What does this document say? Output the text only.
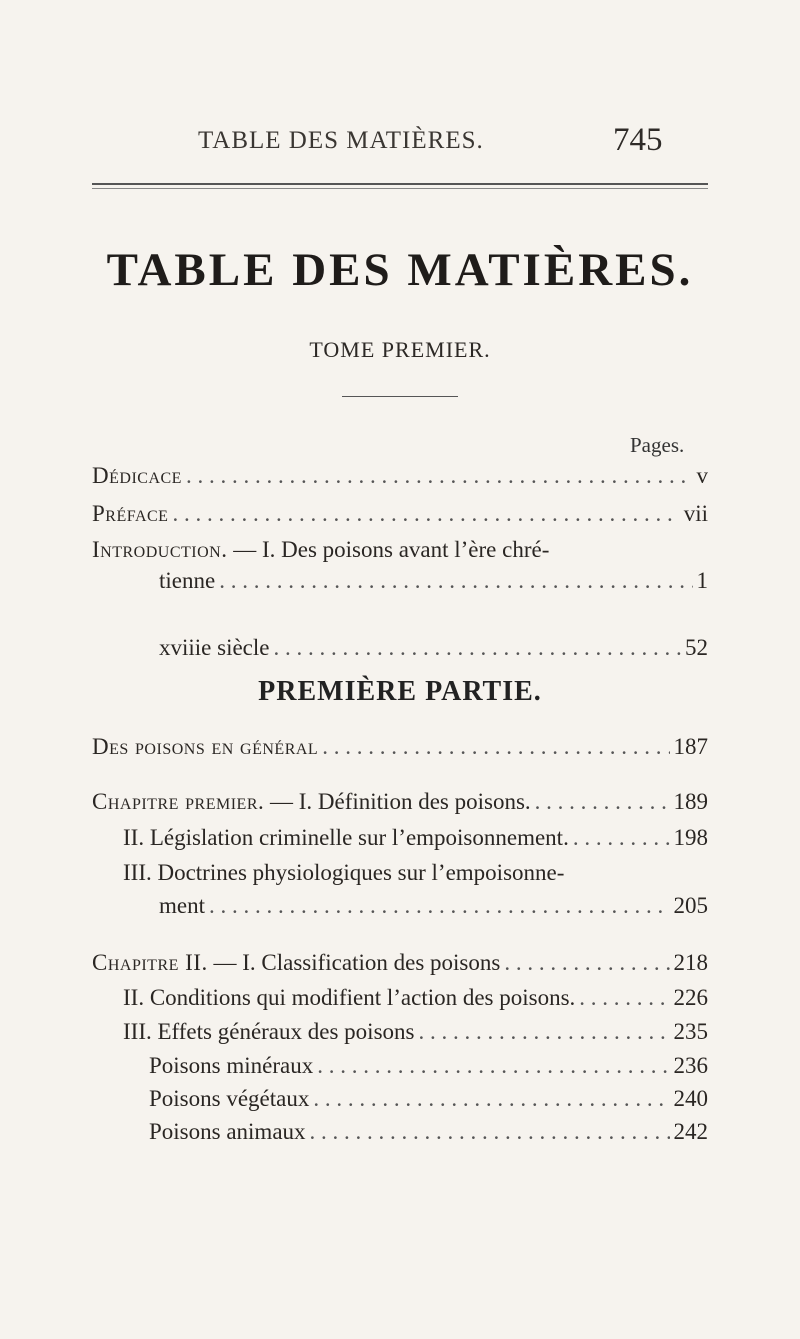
TABLE DES MATIÈRES.	745
TABLE DES MATIÈRES.
TOME PREMIER.
Pages.
Dédicace . . .	v
Préface . . .	vii
Introduction. — I. Des poisons avant l’ère chré-
tienne . . .	1
xviiie siècle . . .	52
PREMIÈRE PARTIE.
Des poisons en général . . .	187
Chapitre premier. — I. Définition des poisons. . . .	189
II. Législation criminelle sur l’empoisonnement. . . .	198
III. Doctrines physiologiques sur l’empoisonne-
ment . . .	205
Chapitre II. — I. Classification des poisons . . .	218
II. Conditions qui modifient l’action des poisons. . . .	226
III. Effets généraux des poisons . . .	235
Poisons minéraux . . .	236
Poisons végétaux . . .	240
Poisons animaux . . .	242
